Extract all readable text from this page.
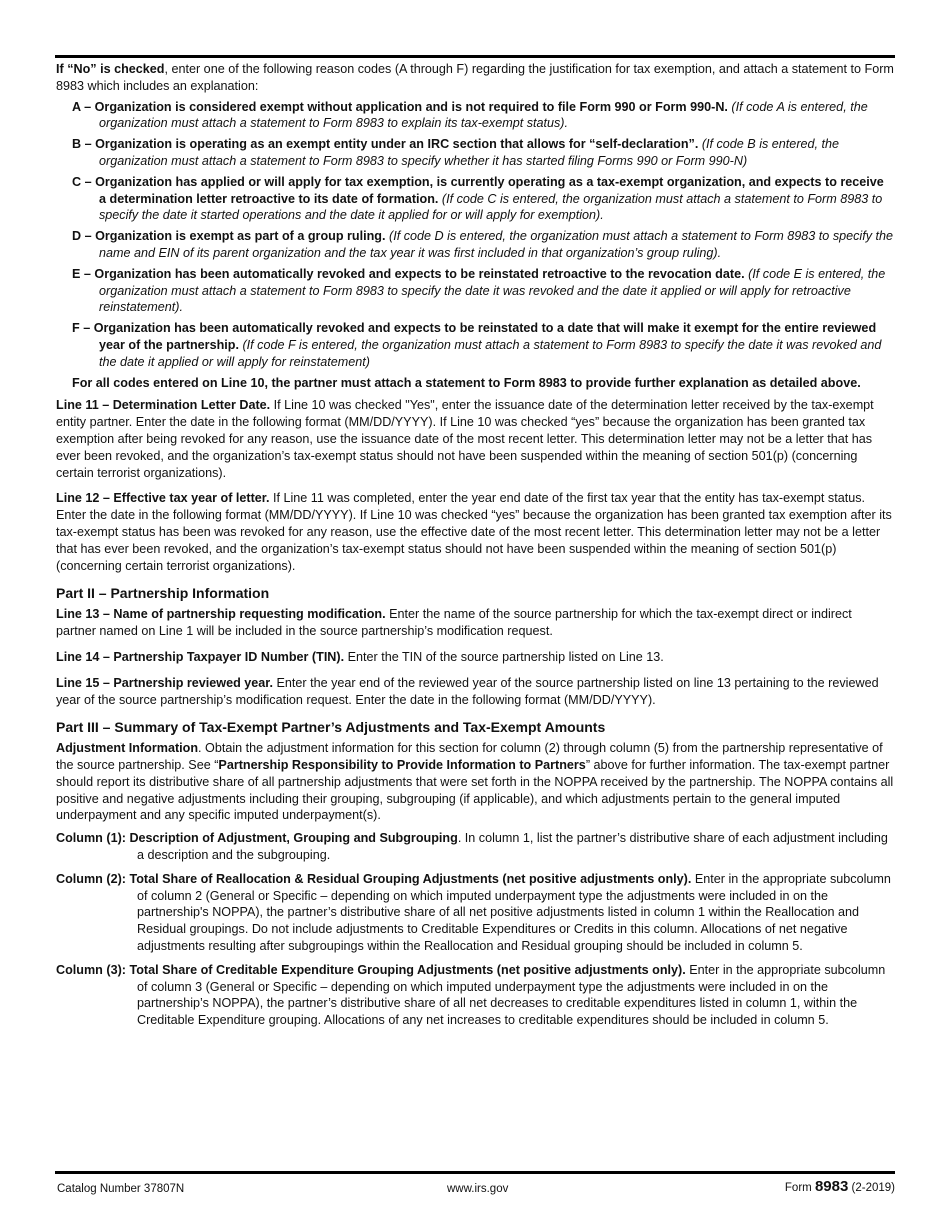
If “No” is checked, enter one of the following reason codes (A through F) regarding the justification for tax exemption, and attach a statement to Form 8983 which includes an explanation:

A – Organization is considered exempt without application and is not required to file Form 990 or Form 990-N. (If code A is entered, the organization must attach a statement to Form 8983 to explain its tax-exempt status).

B – Organization is operating as an exempt entity under an IRC section that allows for “self-declaration”. (If code B is entered, the organization must attach a statement to Form 8983 to specify whether it has started filing Forms 990 or Form 990-N)

C – Organization has applied or will apply for tax exemption, is currently operating as a tax-exempt organization, and expects to receive a determination letter retroactive to its date of formation. (If code C is entered, the organization must attach a statement to Form 8983 to specify the date it started operations and the date it applied for or will apply for exemption).

D – Organization is exempt as part of a group ruling. (If code D is entered, the organization must attach a statement to Form 8983 to specify the name and EIN of its parent organization and the tax year it was first included in that organization’s group ruling).

E – Organization has been automatically revoked and expects to be reinstated retroactive to the revocation date. (If code E is entered, the organization must attach a statement to Form 8983 to specify the date it was revoked and the date it applied or will apply for retroactive reinstatement).

F – Organization has been automatically revoked and expects to be reinstated to a date that will make it exempt for the entire reviewed year of the partnership. (If code F is entered, the organization must attach a statement to Form 8983 to specify the date it was revoked and the date it applied or will apply for reinstatement)

For all codes entered on Line 10, the partner must attach a statement to Form 8983 to provide further explanation as detailed above.

Line 11 – Determination Letter Date. If Line 10 was checked "Yes", enter the issuance date of the determination letter received by the tax-exempt entity partner. Enter the date in the following format (MM/DD/YYYY). If Line 10 was checked “yes” because the organization has been granted tax exemption after being revoked for any reason, use the issuance date of the most recent letter. This determination letter may not be a letter that has ever been revoked, and the organization’s tax-exempt status should not have been suspended within the meaning of section 501(p) (concerning certain terrorist organizations).

Line 12 – Effective tax year of letter. If Line 11 was completed, enter the year end date of the first tax year that the entity has tax-exempt status. Enter the date in the following format (MM/DD/YYYY). If Line 10 was checked “yes” because the organization has been granted tax exemption after its tax-exempt status has been was revoked for any reason, use the effective date of the most recent letter. This determination letter may not be a letter that has ever been revoked, and the organization’s tax-exempt status should not have been suspended within the meaning of section 501(p) (concerning certain terrorist organizations).

Part II – Partnership Information

Line 13 – Name of partnership requesting modification. Enter the name of the source partnership for which the tax-exempt direct or indirect partner named on Line 1 will be included in the source partnership’s modification request.

Line 14 – Partnership Taxpayer ID Number (TIN). Enter the TIN of the source partnership listed on Line 13.

Line 15 – Partnership reviewed year. Enter the year end of the reviewed year of the source partnership listed on line 13 pertaining to the reviewed year of the source partnership’s modification request. Enter the date in the following format (MM/DD/YYYY).

Part III – Summary of Tax-Exempt Partner’s Adjustments and Tax-Exempt Amounts

Adjustment Information. Obtain the adjustment information for this section for column (2) through column (5) from the partnership representative of the source partnership. See “Partnership Responsibility to Provide Information to Partners” above for further information. The tax-exempt partner should report its distributive share of all partnership adjustments that were set forth in the NOPPA received by the partnership. The NOPPA contains all positive and negative adjustments including their grouping, subgrouping (if applicable), and which adjustments pertain to the general imputed underpayment and any specific imputed underpayment(s).

Column (1): Description of Adjustment, Grouping and Subgrouping. In column 1, list the partner’s distributive share of each adjustment including a description and the subgrouping.

Column (2): Total Share of Reallocation & Residual Grouping Adjustments (net positive adjustments only). Enter in the appropriate subcolumn of column 2 (General or Specific – depending on which imputed underpayment type the adjustments were included in on the partnership's NOPPA), the partner’s distributive share of all net positive adjustments listed in column 1 within the Reallocation and Residual groupings. Do not include adjustments to Creditable Expenditures or Credits in this column. Allocations of net negative adjustments resulting after subgroupings within the Reallocation and Residual grouping should be included in column 5.

Column (3): Total Share of Creditable Expenditure Grouping Adjustments (net positive adjustments only). Enter in the appropriate subcolumn of column 3 (General or Specific – depending on which imputed underpayment type the adjustments were included in on the partnership’s NOPPA), the partner’s distributive share of all net decreases to creditable expenditures listed in column 1, within the Creditable Expenditure grouping. Allocations of any net increases to creditable expenditures should be included in column 5.

Catalog Number 37807N	www.irs.gov	Form 8983 (2-2019)
